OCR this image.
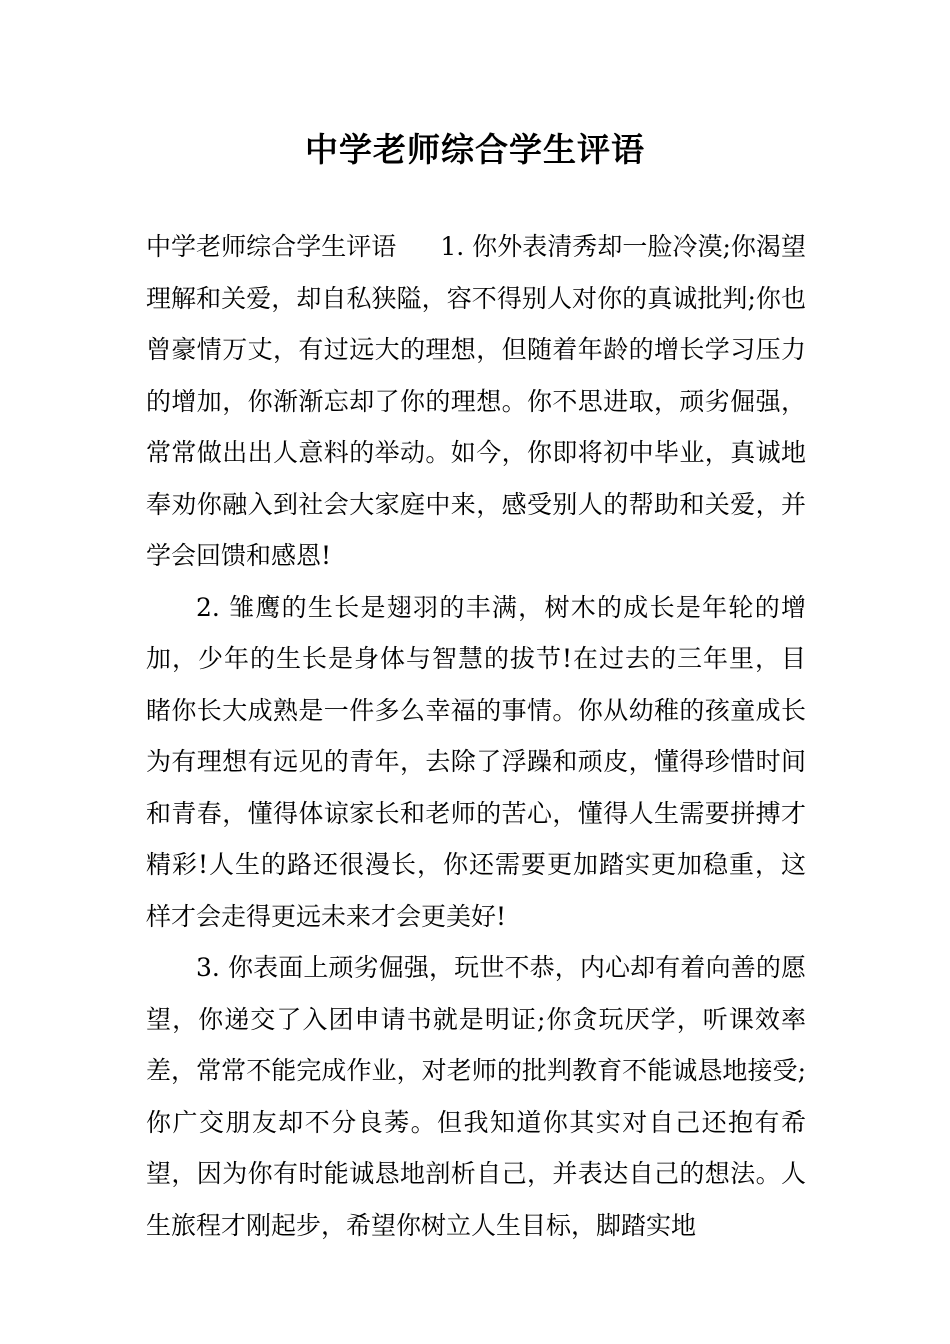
中学老师综合学生评语

中学老师综合学生评语 1. 你外表清秀却一脸冷漠;你渴望理解和关爱，却自私狭隘，容不得别人对你的真诚批判;你也曾豪情万丈，有过远大的理想，但随着年龄的增长学习压力的增加，你渐渐忘却了你的理想。你不思进取，顽劣倔强，常常做出出人意料的举动。如今，你即将初中毕业，真诚地奉劝你融入到社会大家庭中来，感受别人的帮助和关爱，并学会回馈和感恩!

2. 雏鹰的生长是翅羽的丰满，树木的成长是年轮的增加，少年的生长是身体与智慧的拔节!在过去的三年里，目睹你长大成熟是一件多么幸福的事情。你从幼稚的孩童成长为有理想有远见的青年，去除了浮躁和顽皮，懂得珍惜时间和青春，懂得体谅家长和老师的苦心，懂得人生需要拼搏才精彩!人生的路还很漫长，你还需要更加踏实更加稳重，这样才会走得更远未来才会更美好!

3. 你表面上顽劣倔强，玩世不恭，内心却有着向善的愿望，你递交了入团申请书就是明证;你贪玩厌学，听课效率差，常常不能完成作业，对老师的批判教育不能诚恳地接受;你广交朋友却不分良莠。但我知道你其实对自己还抱有希望，因为你有时能诚恳地剖析自己，并表达自己的想法。人生旅程才刚起步，希望你树立人生目标，脚踏实地
